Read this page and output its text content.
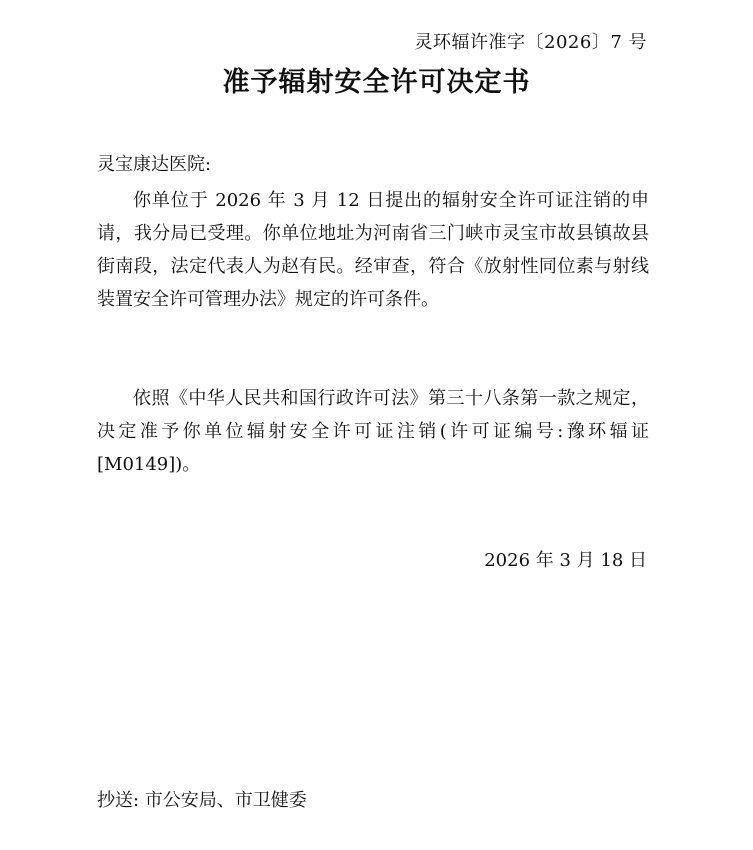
灵环辐许准字〔2026〕7 号
准予辐射安全许可决定书
灵宝康达医院:

你单位于 2026 年 3 月 12 日提出的辐射安全许可证注销的申请，我分局已受理。你单位地址为河南省三门峡市灵宝市故县镇故县街南段，法定代表人为赵有民。经审查，符合《放射性同位素与射线装置安全许可管理办法》规定的许可条件。

依照《中华人民共和国行政许可法》第三十八条第一款之规定，决定准予你单位辐射安全许可证注销(许可证编号:豫环辐证[M0149])。

2026 年 3 月 18 日
抄送: 市公安局、市卫健委
